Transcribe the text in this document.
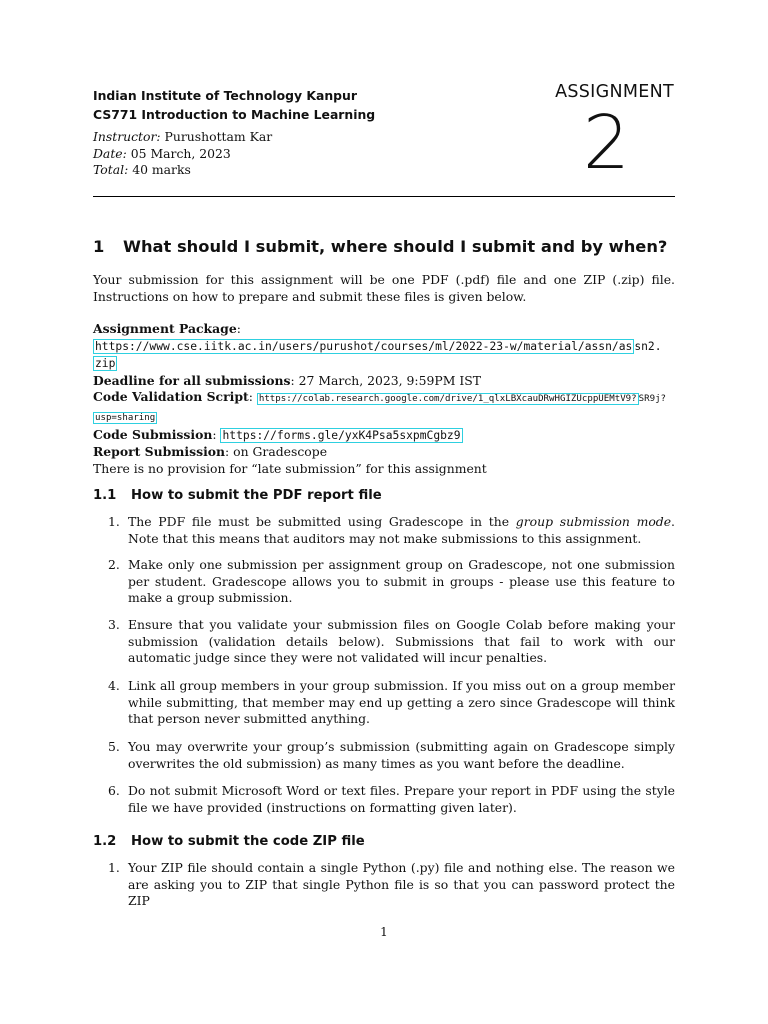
Indian Institute of Technology Kanpur

CS771 Introduction to Machine Learning

Instructor: Purushottam Kar

Date: 05 March, 2023

Total: 40 marks

ASSIGNMENT
2
1 What should I submit, where should I submit and by when?
Your submission for this assignment will be one PDF (.pdf) file and one ZIP (.zip) file. Instructions on how to prepare and submit these files is given below.
Assignment Package:
https://www.cse.iitk.ac.in/users/purushot/courses/ml/2022-23-w/material/assn/as sn2.
zip
Deadline for all submissions: 27 March, 2023, 9:59PM IST
Code Validation Script: https://colab.research.google.com/drive/1_qlxLBXcauDRwHGIZUcppUEMtV9? SR9j?
usp=sharing
Code Submission: https://forms.gle/yxK4Psa5sxpmCgbz9
Report Submission: on Gradescope
There is no provision for “late submission” for this assignment
1.1 How to submit the PDF report file
1. The PDF file must be submitted using Gradescope in the group submission mode. Note that this means that auditors may not make submissions to this assignment.
2. Make only one submission per assignment group on Gradescope, not one submission per student. Gradescope allows you to submit in groups - please use this feature to make a group submission.
3. Ensure that you validate your submission files on Google Colab before making your submission (validation details below). Submissions that fail to work with our automatic judge since they were not validated will incur penalties.
4. Link all group members in your group submission. If you miss out on a group member while submitting, that member may end up getting a zero since Gradescope will think that person never submitted anything.
5. You may overwrite your group’s submission (submitting again on Gradescope simply overwrites the old submission) as many times as you want before the deadline.
6. Do not submit Microsoft Word or text files. Prepare your report in PDF using the style file we have provided (instructions on formatting given later).
1.2 How to submit the code ZIP file
1. Your ZIP file should contain a single Python (.py) file and nothing else. The reason we are asking you to ZIP that single Python file is so that you can password protect the ZIP
1
